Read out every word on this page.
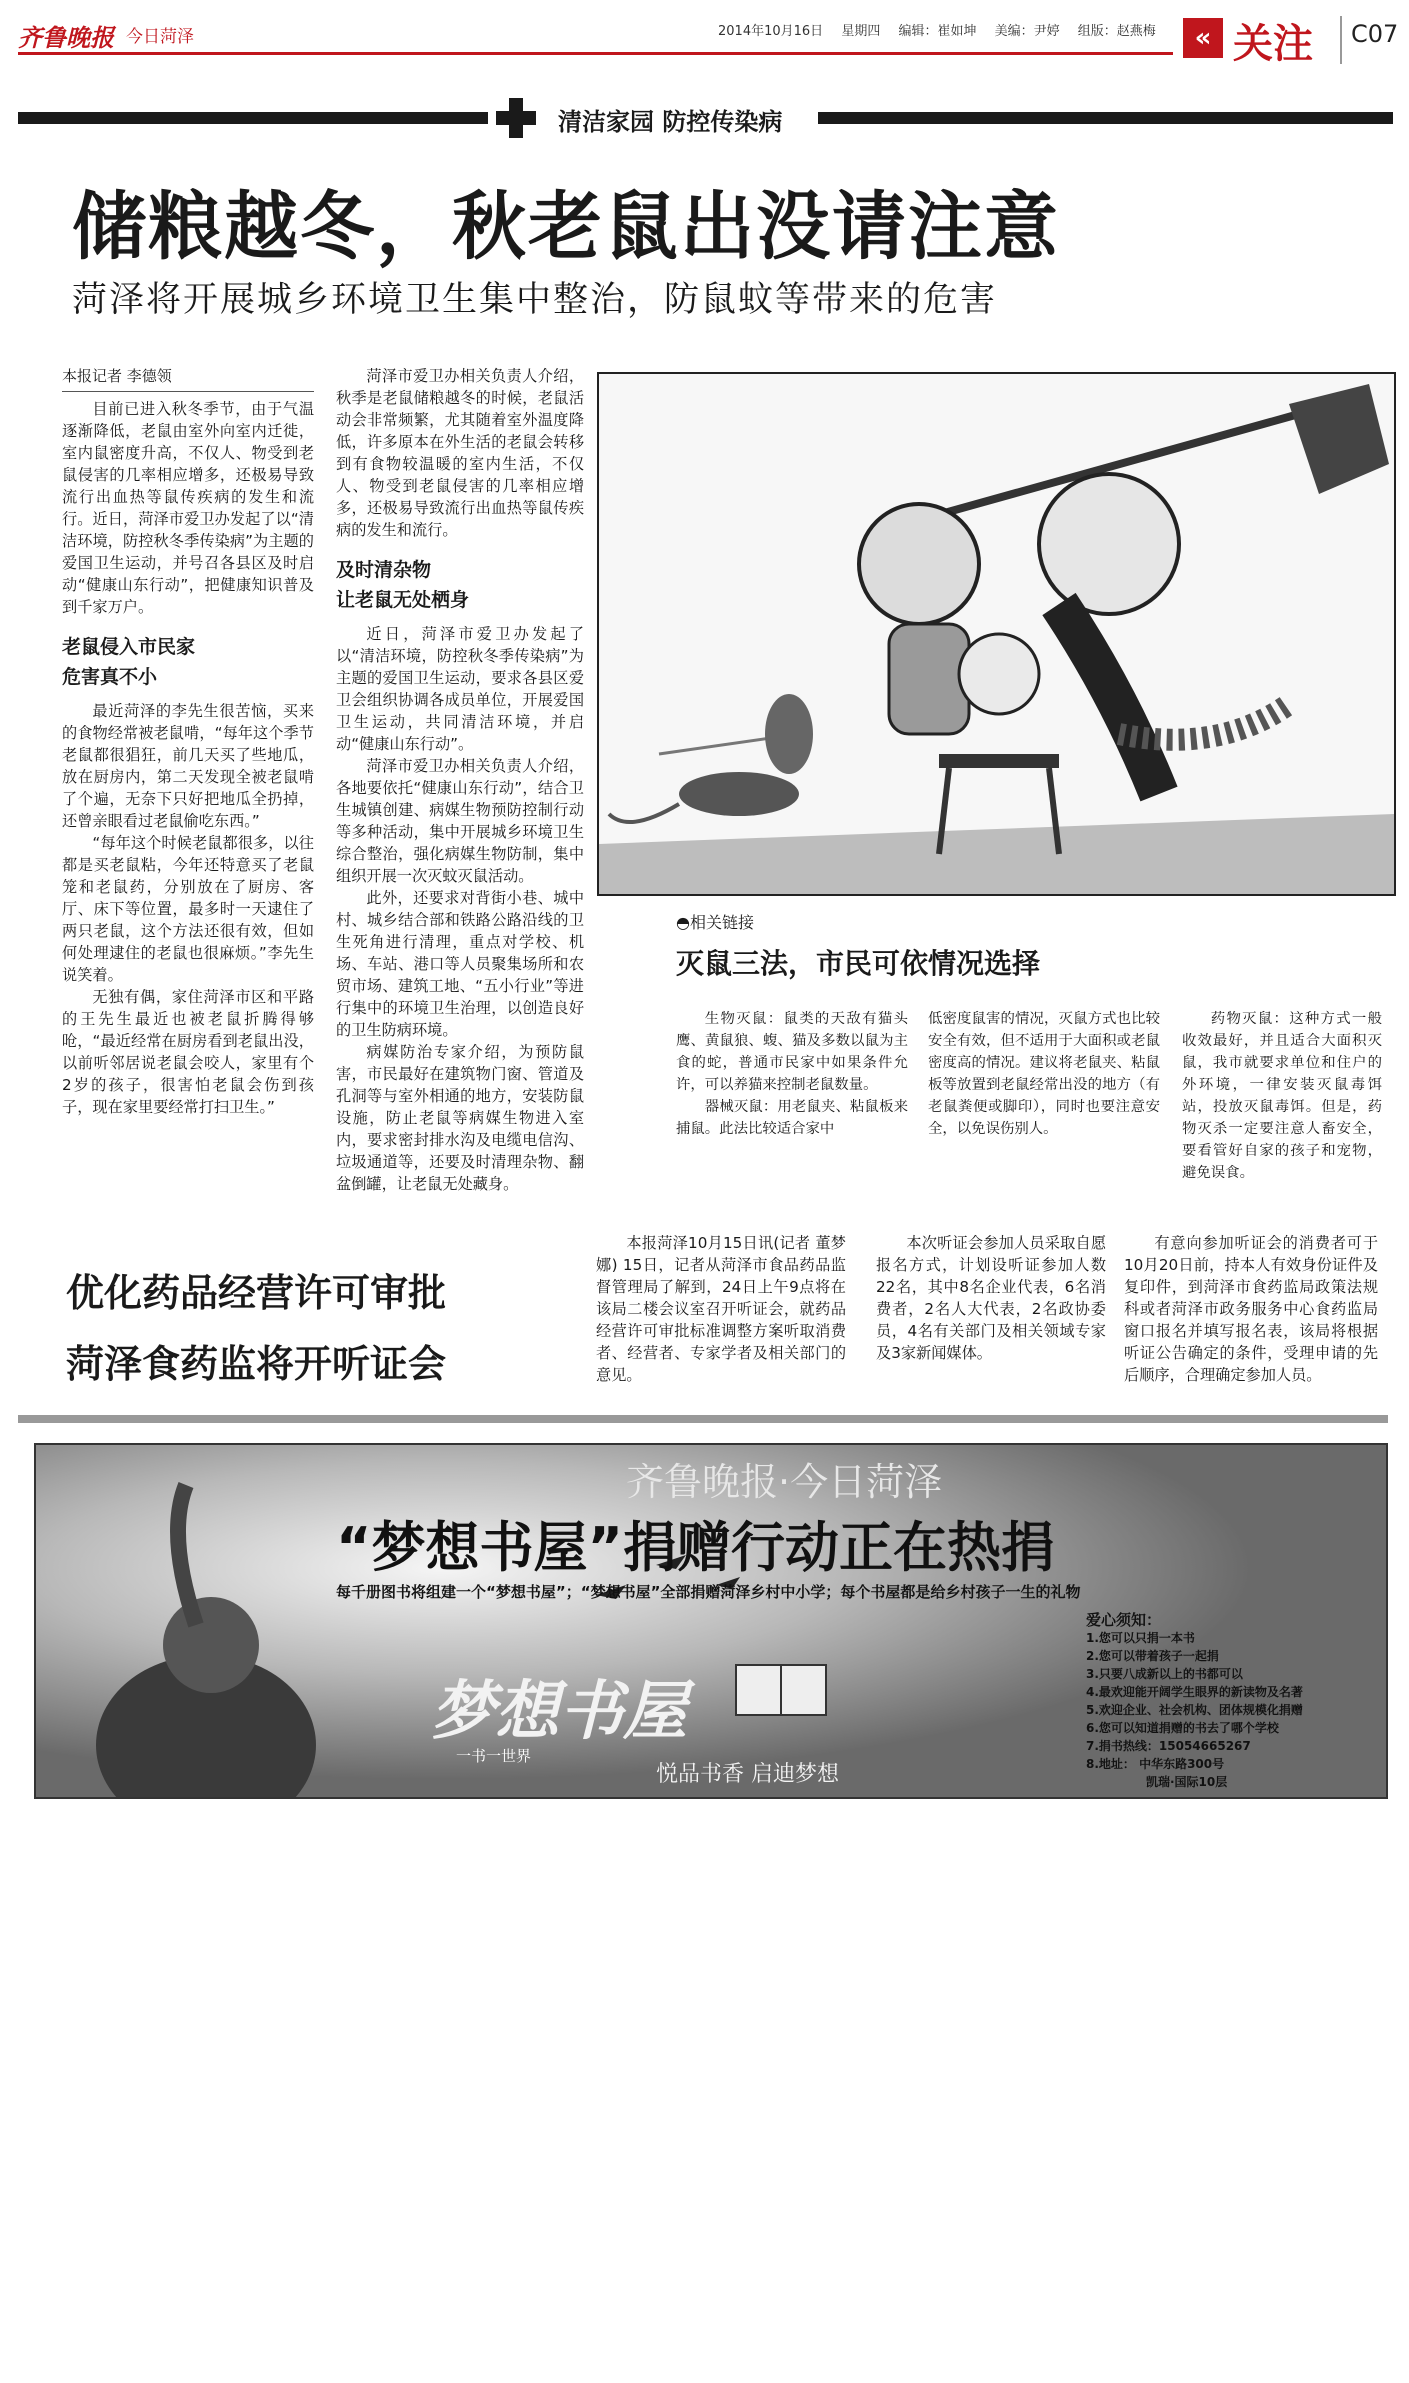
齐鲁晚报 今日菏泽	2014年10月16日 星期四 编辑：崔如坤 美编：尹婷 组版：赵燕梅	« 关注 C07
清洁家园 防控传染病
储粮越冬，秋老鼠出没请注意
菏泽将开展城乡环境卫生集中整治，防鼠蚊等带来的危害
本报记者 李德领

目前已进入秋冬季节，由于气温逐渐降低，老鼠由室外向室内迁徙，室内鼠密度升高，不仅人、物受到老鼠侵害的几率相应增多，还极易导致流行出血热等鼠传疾病的发生和流行。近日，菏泽市爱卫办发起了以“清洁环境，防控秋冬季传染病”为主题的爱国卫生运动，并号召各县区及时启动“健康山东行动”，把健康知识普及到千家万户。

老鼠侵入市民家
危害真不小

最近菏泽的李先生很苦恼，买来的食物经常被老鼠啃，“每年这个季节老鼠都很猖狂，前几天买了些地瓜，放在厨房内，第二天发现全被老鼠啃了个遍，无奈下只好把地瓜全扔掉，还曾亲眼看过老鼠偷吃东西。”

“每年这个时候老鼠都很多，以往都是买老鼠粘，今年还特意买了老鼠笼和老鼠药，分别放在了厨房、客厅、床下等位置，最多时一天逮住了两只老鼠，这个方法还很有效，但如何处理逮住的老鼠也很麻烦。”李先生说笑着。

无独有偶，家住菏泽市区和平路的王先生最近也被老鼠折腾得够呛，“最近经常在厨房看到老鼠出没，以前听邻居说老鼠会咬人，家里有个2岁的孩子，很害怕老鼠会伤到孩子，现在家里要经常打扫卫生。”

菏泽市爱卫办相关负责人介绍，秋季是老鼠储粮越冬的时候，老鼠活动会非常频繁，尤其随着室外温度降低，许多原本在外生活的老鼠会转移到有食物较温暖的室内生活，不仅人、物受到老鼠侵害的几率相应增多，还极易导致流行出血热等鼠传疾病的发生和流行。

及时清杂物
让老鼠无处栖身

近日，菏泽市爱卫办发起了以“清洁环境，防控秋冬季传染病”为主题的爱国卫生运动，要求各县区爱卫会组织协调各成员单位，开展爱国卫生运动，共同清洁环境，并启动“健康山东行动”。

菏泽市爱卫办相关负责人介绍，各地要依托“健康山东行动”，结合卫生城镇创建、病媒生物预防控制行动等多种活动，集中开展城乡环境卫生综合整治，强化病媒生物防制，集中组织开展一次灭蚊灭鼠活动。

此外，还要求对背街小巷、城中村、城乡结合部和铁路公路沿线的卫生死角进行清理，重点对学校、机场、车站、港口等人员聚集场所和农贸市场、建筑工地、“五小行业”等进行集中的环境卫生治理，以创造良好的卫生防病环境。

病媒防治专家介绍，为预防鼠害，市民最好在建筑物门窗、管道及孔洞等与室外相通的地方，安装防鼠设施，防止老鼠等病媒生物进入室内，要求密封排水沟及电缆电信沟、垃圾通道等，还要及时清理杂物、翻盆倒罐，让老鼠无处藏身。

◓相关链接
灭鼠三法，市民可依情况选择

生物灭鼠：鼠类的天敌有猫头鹰、黄鼠狼、蝮、猫及多数以鼠为主食的蛇，普通市民家中如果条件允许，可以养猫来控制老鼠数量。

器械灭鼠：用老鼠夹、粘鼠板来捕鼠。此法比较适合家中

低密度鼠害的情况，灭鼠方式也比较安全有效，但不适用于大面积或老鼠密度高的情况。建议将老鼠夹、粘鼠板等放置到老鼠经常出没的地方（有老鼠粪便或脚印），同时也要注意安全，以免误伤别人。

药物灭鼠：这种方式一般收效最好，并且适合大面积灭鼠，我市就要求单位和住户的外环境，一律安装灭鼠毒饵站，投放灭鼠毒饵。但是，药物灭杀一定要注意人畜安全，要看管好自家的孩子和宠物，避免误食。

优化药品经营许可审批
菏泽食药监将开听证会

本报菏泽10月15日讯(记者 董梦娜) 15日，记者从菏泽市食品药品监督管理局了解到，24日上午9点将在该局二楼会议室召开听证会，就药品经营许可审批标准调整方案听取消费者、经营者、专家学者及相关部门的意见。

本次听证会参加人员采取自愿报名方式，计划设听证参加人数22名，其中8名企业代表，6名消费者，2名人大代表，2名政协委员，4名有关部门及相关领域专家及3家新闻媒体。

有意向参加听证会的消费者可于10月20日前，持本人有效身份证件及复印件，到菏泽市食药监局政策法规科或者菏泽市政务服务中心食药监局窗口报名并填写报名表，该局将根据听证公告确定的条件，受理申请的先后顺序，合理确定参加人员。

齐鲁晚报·今日菏泽
“梦想书屋”捐赠行动正在热捐
每千册图书将组建一个“梦想书屋”；“梦想书屋”全部捐赠菏泽乡村中小学；每个书屋都是给乡村孩子一生的礼物
梦想书屋
一书一世界
悦品书香 启迪梦想
爱心须知：
1.您可以只捐一本书
2.您可以带着孩子一起捐
3.只要八成新以上的书都可以
4.最欢迎能开阔学生眼界的新读物及名著
5.欢迎企业、社会机构、团体规模化捐赠
6.您可以知道捐赠的书去了哪个学校
7.捐书热线：15054665267
8.地址： 中华东路300号
凯瑞·国际10层
